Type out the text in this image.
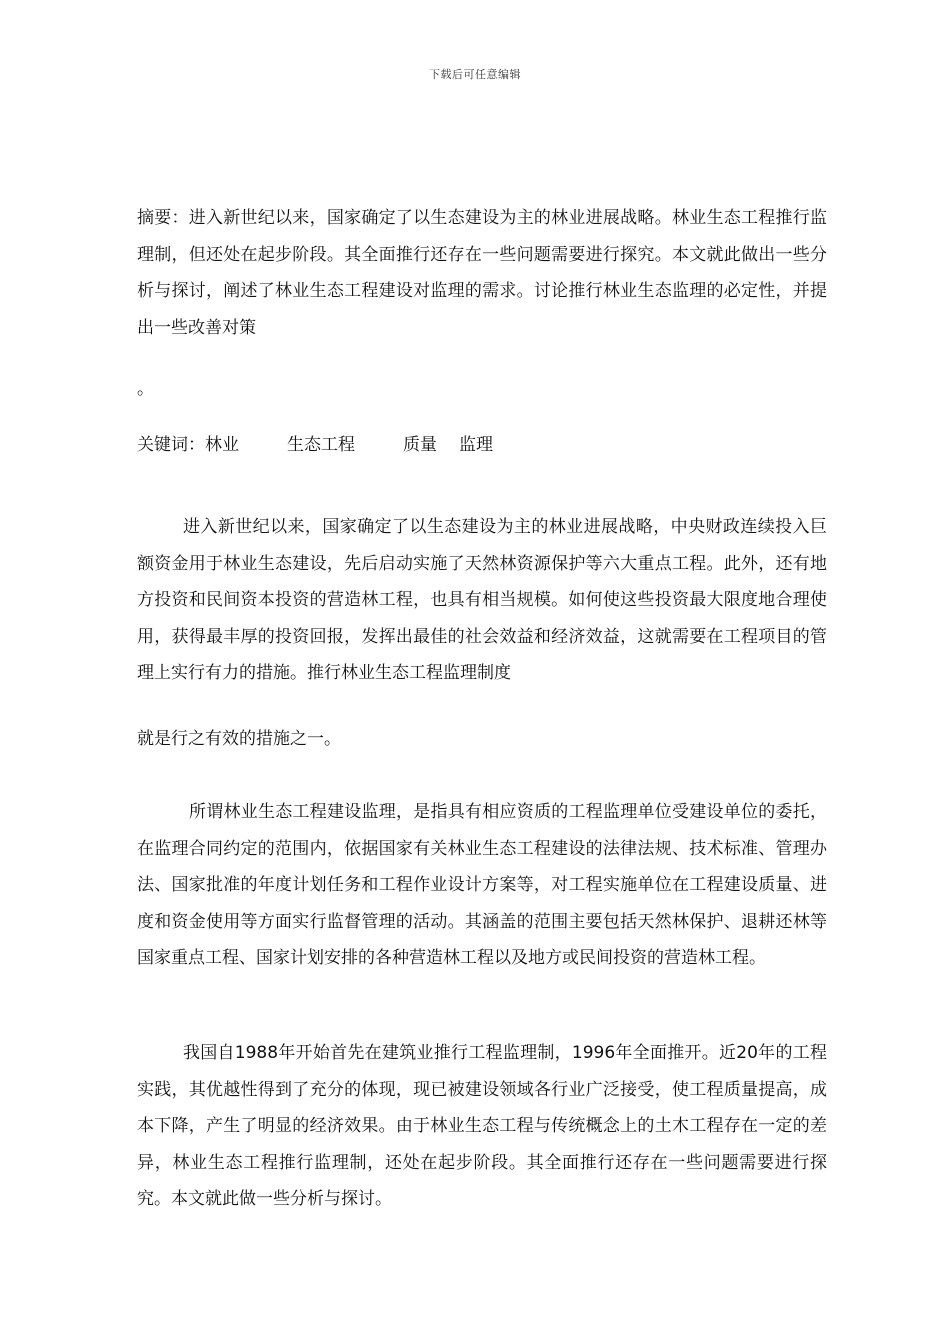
下载后可任意编辑
摘要：进入新世纪以来，国家确定了以生态建设为主的林业进展战略。林业生态工程推行监理制，但还处在起步阶段。其全面推行还存在一些问题需要进行探究。本文就此做出一些分析与探讨，阐述了林业生态工程建设对监理的需求。讨论推行林业生态监理的必定性，并提出一些改善对策
。
关键词：林业	生态工程	质量 监理
进入新世纪以来，国家确定了以生态建设为主的林业进展战略，中央财政连续投入巨额资金用于林业生态建设，先后启动实施了天然林资源保护等六大重点工程。此外，还有地方投资和民间资本投资的营造林工程，也具有相当规模。如何使这些投资最大限度地合理使用，获得最丰厚的投资回报，发挥出最佳的社会效益和经济效益，这就需要在工程项目的管理上实行有力的措施。推行林业生态工程监理制度
就是行之有效的措施之一。
所谓林业生态工程建设监理，是指具有相应资质的工程监理单位受建设单位的委托，在监理合同约定的范围内，依据国家有关林业生态工程建设的法律法规、技术标准、管理办法、国家批准的年度计划任务和工程作业设计方案等，对工程实施单位在工程建设质量、进度和资金使用等方面实行监督管理的活动。其涵盖的范围主要包括天然林保护、退耕还林等国家重点工程、国家计划安排的各种营造林工程以及地方或民间投资的营造林工程。
我国自1988年开始首先在建筑业推行工程监理制，1996年全面推开。近20年的工程实践，其优越性得到了充分的体现，现已被建设领域各行业广泛接受，使工程质量提高，成本下降，产生了明显的经济效果。由于林业生态工程与传统概念上的土木工程存在一定的差异，林业生态工程推行监理制，还处在起步阶段。其全面推行还存在一些问题需要进行探究。本文就此做一些分析与探讨。
